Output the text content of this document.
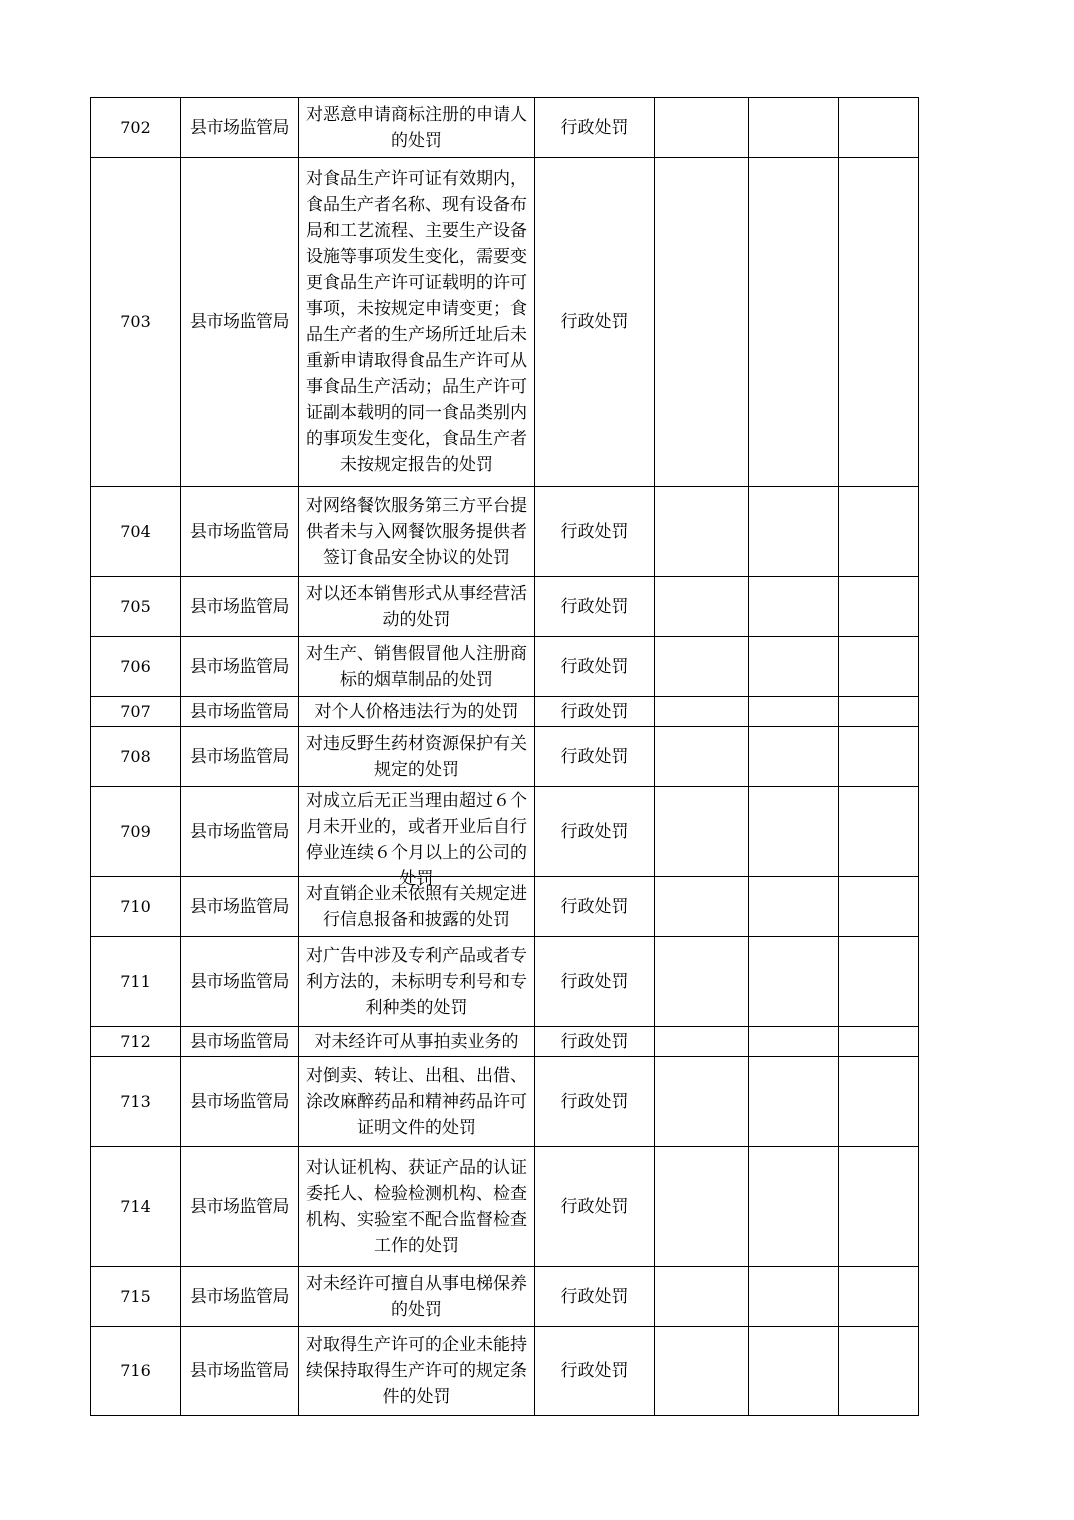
702	县市场监管局	对恶意申请商标注册的申请人的处罚	行政处罚			
703	县市场监管局	对食品生产许可证有效期内，食品生产者名称、现有设备布局和工艺流程、主要生产设备设施等事项发生变化，需要变更食品生产许可证载明的许可事项，未按规定申请变更；食品生产者的生产场所迁址后未重新申请取得食品生产许可从事食品生产活动；品生产许可证副本载明的同一食品类别内的事项发生变化，食品生产者未按规定报告的处罚	行政处罚			
704	县市场监管局	对网络餐饮服务第三方平台提供者未与入网餐饮服务提供者签订食品安全协议的处罚	行政处罚			
705	县市场监管局	对以还本销售形式从事经营活动的处罚	行政处罚			
706	县市场监管局	对生产、销售假冒他人注册商标的烟草制品的处罚	行政处罚			
707	县市场监管局	对个人价格违法行为的处罚	行政处罚			
708	县市场监管局	对违反野生药材资源保护有关规定的处罚	行政处罚			
709	县市场监管局	对成立后无正当理由超过６个月未开业的，或者开业后自行停业连续６个月以上的公司的处罚	行政处罚			
710	县市场监管局	对直销企业未依照有关规定进行信息报备和披露的处罚	行政处罚			
711	县市场监管局	对广告中涉及专利产品或者专利方法的，未标明专利号和专利种类的处罚	行政处罚			
712	县市场监管局	对未经许可从事拍卖业务的	行政处罚			
713	县市场监管局	对倒卖、转让、出租、出借、涂改麻醉药品和精神药品许可证明文件的处罚	行政处罚			
714	县市场监管局	对认证机构、获证产品的认证委托人、检验检测机构、检查机构、实验室不配合监督检查工作的处罚	行政处罚			
715	县市场监管局	对未经许可擅自从事电梯保养的处罚	行政处罚			
716	县市场监管局	对取得生产许可的企业未能持续保持取得生产许可的规定条件的处罚	行政处罚			
